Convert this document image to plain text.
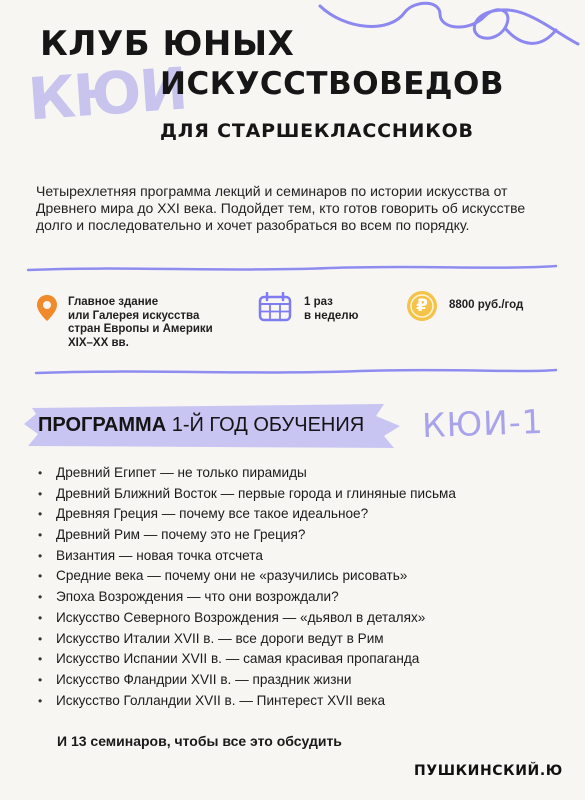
КЮИ
КЛУБ ЮНЫХ
ИСКУССТВОВЕДОВ
ДЛЯ СТАРШЕКЛАССНИКОВ
Четырехлетняя программа лекций и семинаров по истории искусства от Древнего мира до XXI века. Подойдет тем, кто готов говорить об искусстве долго и последовательно и хочет разобраться во всем по порядку.
Главное здание
или Галерея искусства
стран Европы и Америки
XIX–XX вв.
1 раз
в неделю
₽	8800 руб./год
ПРОГРАММА 1-Й ГОД ОБУЧЕНИЯ КЮИ-1
• Древний Египет — не только пирамиды
• Древний Ближний Восток — первые города и глиняные письма
• Древняя Греция — почему все такое идеальное?
• Древний Рим — почему это не Греция?
• Византия — новая точка отсчета
• Средние века — почему они не «разучились рисовать»
• Эпоха Возрождения — что они возрождали?
• Искусство Северного Возрождения — «дьявол в деталях»
• Искусство Италии XVII в. — все дороги ведут в Рим
• Искусство Испании XVII в. — самая красивая пропаганда
• Искусство Фландрии XVII в. — праздник жизни
• Искусство Голландии XVII в. — Пинтерест XVII века
И 13 семинаров, чтобы все это обсудить
ПУШКИНСКИЙ.Ю
